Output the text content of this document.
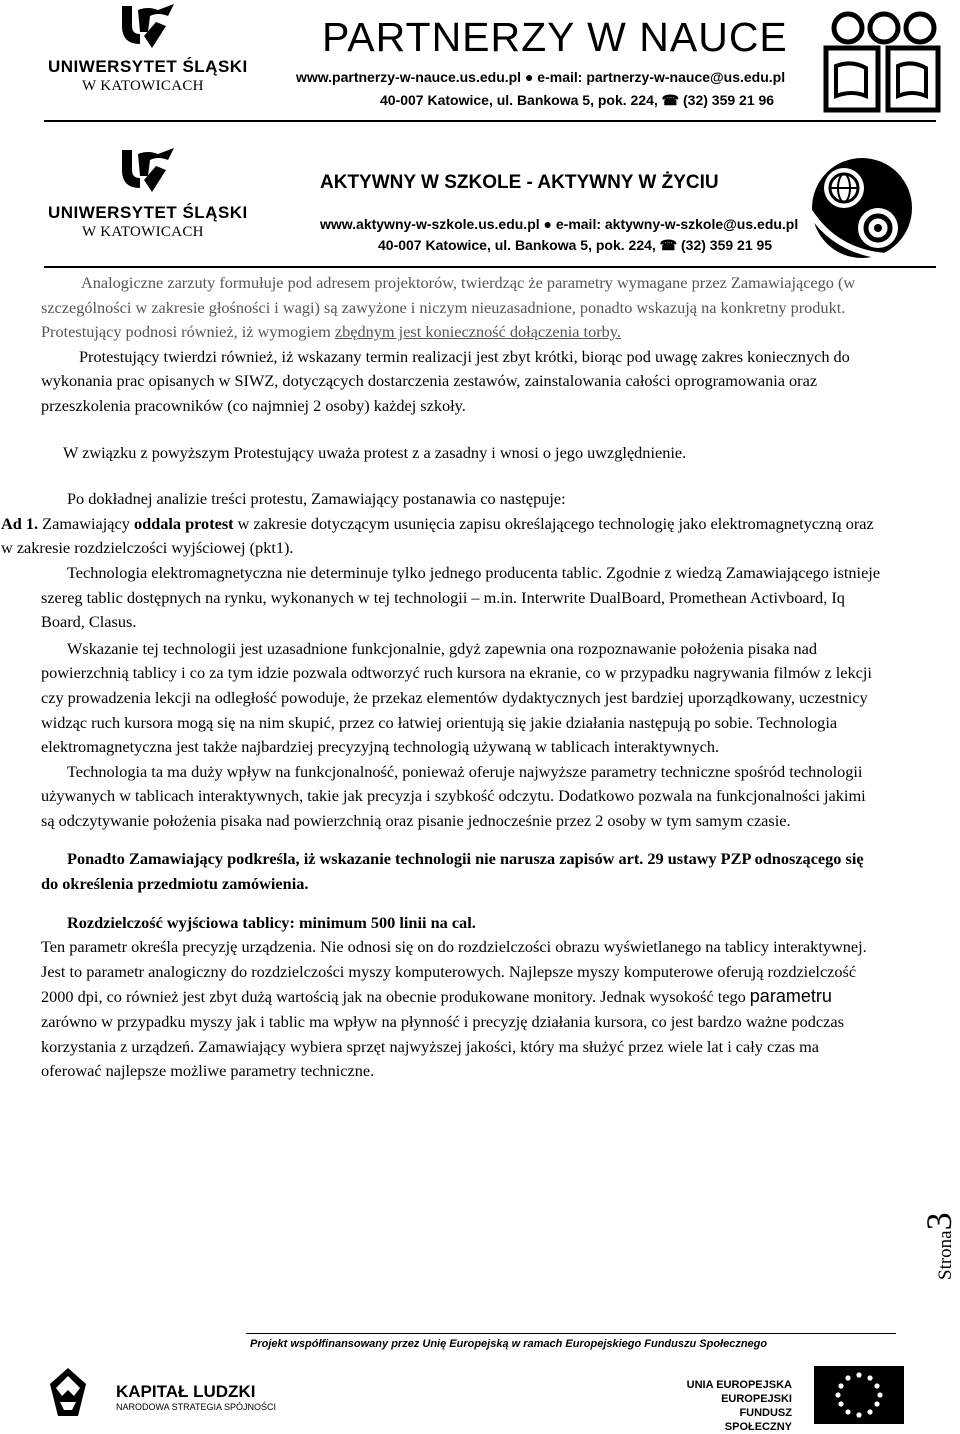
UNIWERSYTET ŚLĄSKI
W KATOWICACH
PARTNERZY W NAUCE
www.partnerzy-w-nauce.us.edu.pl ● e-mail: partnerzy-w-nauce@us.edu.pl
40-007 Katowice, ul. Bankowa 5, pok. 224, ☎ (32) 359 21 96
UNIWERSYTET ŚLĄSKI
W KATOWICACH
AKTYWNY W SZKOLE - AKTYWNY W ŻYCIU
www.aktywny-w-szkole.us.edu.pl ● e-mail: aktywny-w-szkole@us.edu.pl
40-007 Katowice, ul. Bankowa 5, pok. 224, ☎ (32) 359 21 95

Analogiczne zarzuty formułuje pod adresem projektorów, twierdząc że parametry wymagane przez Zamawiającego (w szczególności w zakresie głośności i wagi) są zawyżone i niczym nieuzasadnione, ponadto wskazują na konkretny produkt. Protestujący podnosi również, iż wymogiem zbędnym jest konieczność dołączenia torby.

Protestujący twierdzi również, iż wskazany termin realizacji jest zbyt krótki, biorąc pod uwagę zakres koniecznych do wykonania prac opisanych w SIWZ, dotyczących dostarczenia zestawów, zainstalowania całości oprogramowania oraz przeszkolenia pracowników (co najmniej 2 osoby) każdej szkoły.

W związku z powyższym Protestujący uważa protest z a zasadny i wnosi o jego uwzględnienie.

Po dokładnej analizie treści protestu, Zamawiający postanawia co następuje:

Ad 1. Zamawiający oddala protest w zakresie dotyczącym usunięcia zapisu określającego technologię jako elektromagnetyczną oraz w zakresie rozdzielczości wyjściowej (pkt1).

Technologia elektromagnetyczna nie determinuje tylko jednego producenta tablic. Zgodnie z wiedzą Zamawiającego istnieje szereg tablic dostępnych na rynku, wykonanych w tej technologii – m.in. Interwrite DualBoard, Promethean Activboard, Iq Board, Clasus.

Wskazanie tej technologii jest uzasadnione funkcjonalnie, gdyż zapewnia ona rozpoznawanie położenia pisaka nad powierzchnią tablicy i co za tym idzie pozwala odtworzyć ruch kursora na ekranie, co w przypadku nagrywania filmów z lekcji czy prowadzenia lekcji na odległość powoduje, że przekaz elementów dydaktycznych jest bardziej uporządkowany, uczestnicy widząc ruch kursora mogą się na nim skupić, przez co łatwiej orientują się jakie działania następują po sobie. Technologia elektromagnetyczna jest także najbardziej precyzyjną technologią używaną w tablicach interaktywnych.

Technologia ta ma duży wpływ na funkcjonalność, ponieważ oferuje najwyższe parametry techniczne spośród technologii używanych w tablicach interaktywnych, takie jak precyzja i szybkość odczytu. Dodatkowo pozwala na funkcjonalności jakimi są odczytywanie położenia pisaka nad powierzchnią oraz pisanie jednocześnie przez 2 osoby w tym samym czasie.

Ponadto Zamawiający podkreśla, iż wskazanie technologii nie narusza zapisów art. 29 ustawy PZP odnoszącego się do określenia przedmiotu zamówienia.

Rozdzielczość wyjściowa tablicy: minimum 500 linii na cal.

Ten parametr określa precyzję urządzenia. Nie odnosi się on do rozdzielczości obrazu wyświetlanego na tablicy interaktywnej. Jest to parametr analogiczny do rozdzielczości myszy komputerowych. Najlepsze myszy komputerowe oferują rozdzielczość 2000 dpi, co również jest zbyt dużą wartością jak na obecnie produkowane monitory. Jednak wysokość tego parametru zarówno w przypadku myszy jak i tablic ma wpływ na płynność i precyzję działania kursora, co jest bardzo ważne podczas korzystania z urządzeń. Zamawiający wybiera sprzęt najwyższej jakości, który ma służyć przez wiele lat i cały czas ma oferować najlepsze możliwe parametry techniczne.

Strona3
Projekt współfinansowany przez Unię Europejską w ramach Europejskiego Funduszu Społecznego
KAPITAŁ LUDZKI
NARODOWA STRATEGIA SPÓJNOŚCI
UNIA EUROPEJSKA
EUROPEJSKI
FUNDUSZ SPOŁECZNY
